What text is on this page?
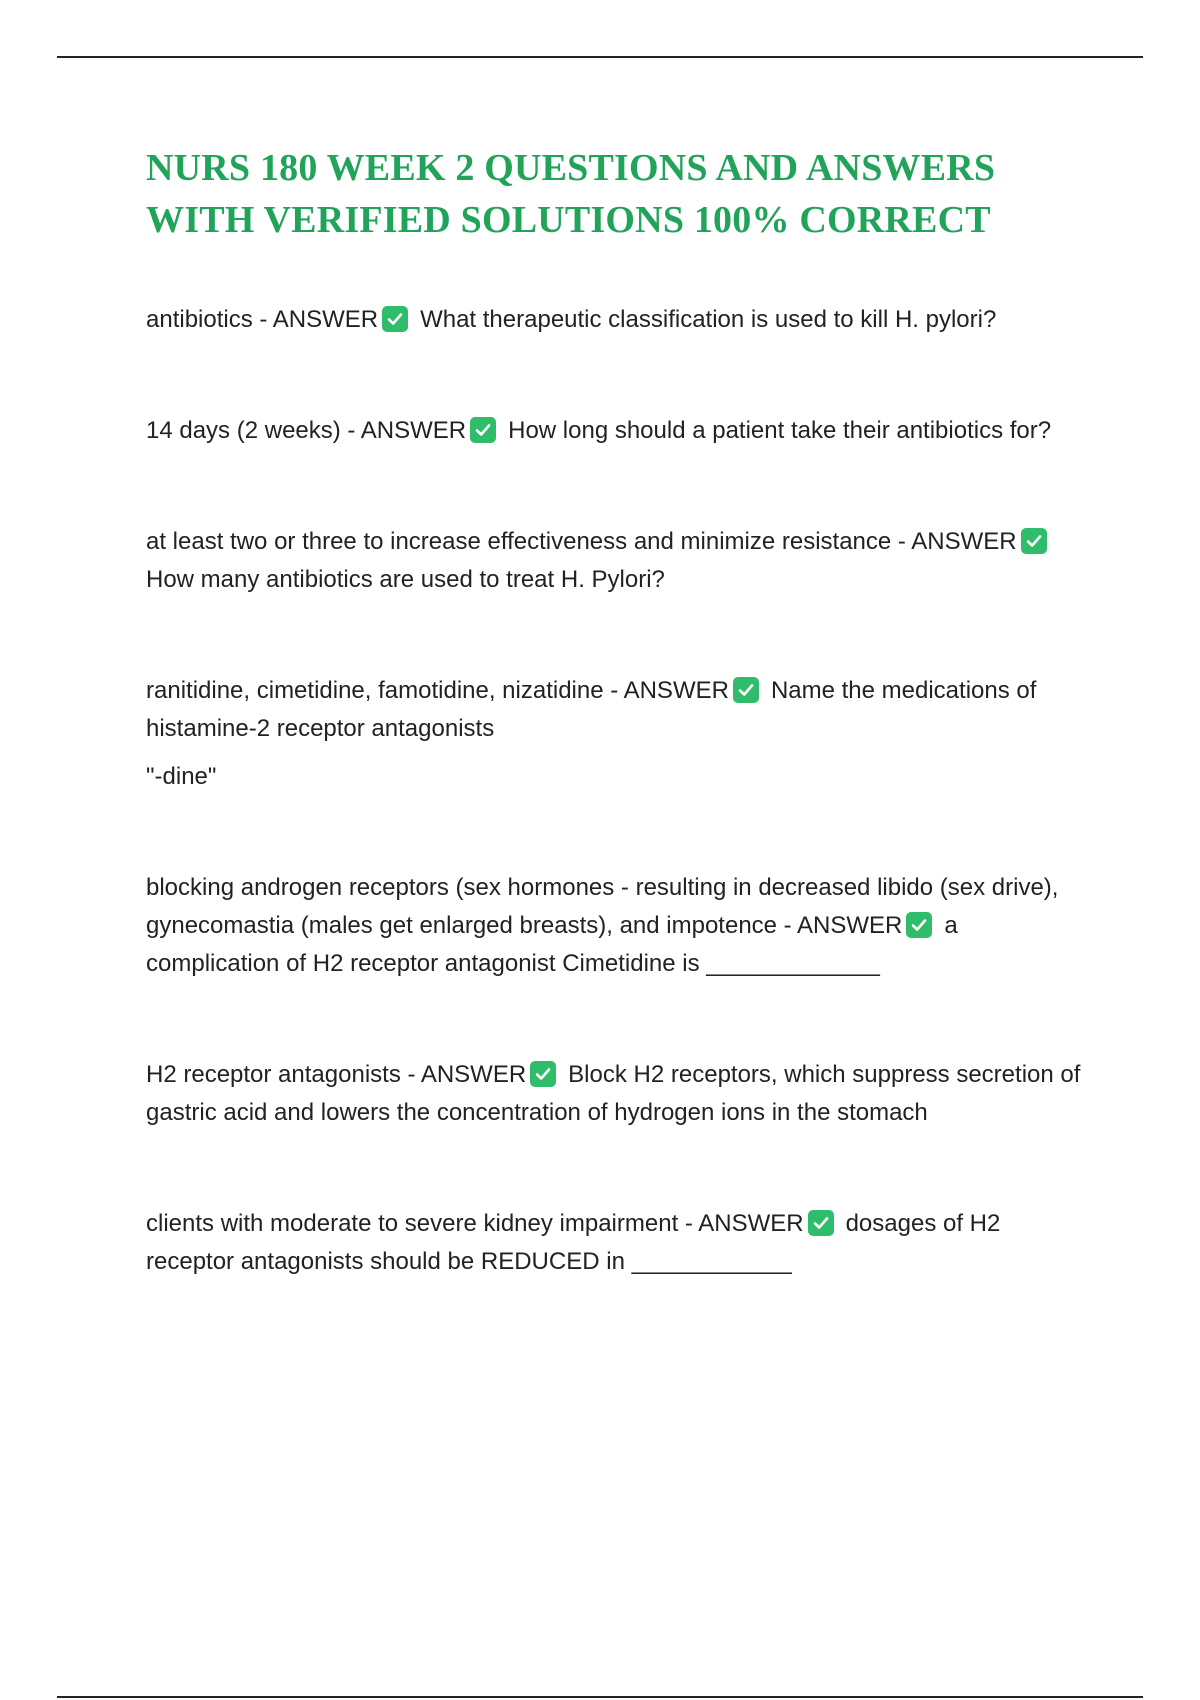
NURS 180 WEEK 2 QUESTIONS AND ANSWERS
WITH VERIFIED SOLUTIONS 100% CORRECT

antibiotics - ANSWER What therapeutic classification is used to kill H. pylori?

14 days (2 weeks) - ANSWER How long should a patient take their antibiotics for?

at least two or three to increase effectiveness and minimize resistance - ANSWER
How many antibiotics are used to treat H. Pylori?

ranitidine, cimetidine, famotidine, nizatidine - ANSWER Name the medications of histamine-2 receptor antagonists
"-dine"

blocking androgen receptors (sex hormones - resulting in decreased libido (sex drive), gynecomastia (males get enlarged breasts), and impotence - ANSWER a complication of H2 receptor antagonist Cimetidine is _____________

H2 receptor antagonists - ANSWER Block H2 receptors, which suppress secretion of gastric acid and lowers the concentration of hydrogen ions in the stomach

clients with moderate to severe kidney impairment - ANSWER dosages of H2 receptor antagonists should be REDUCED in ____________
